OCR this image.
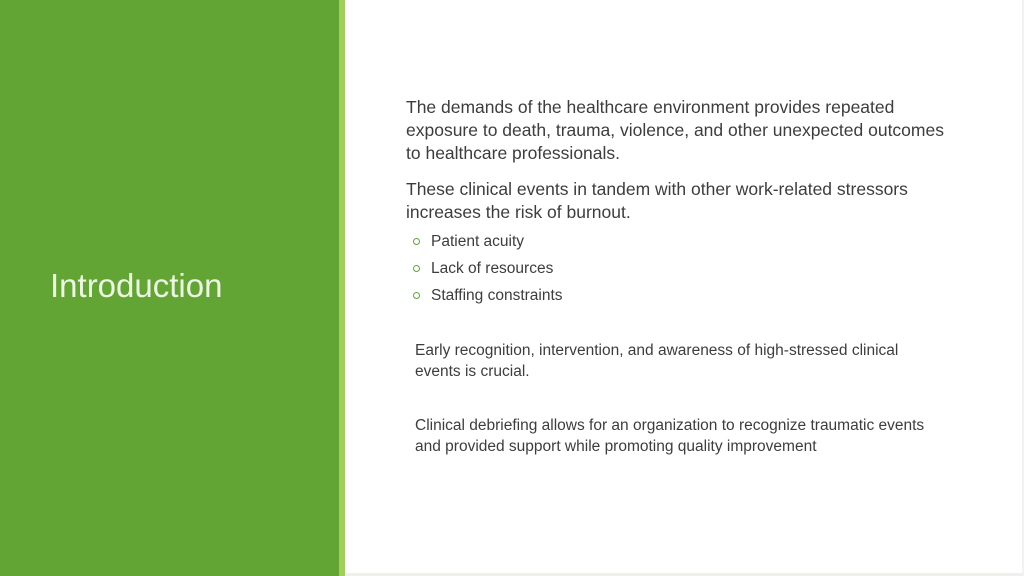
Introduction

The demands of the healthcare environment provides repeated exposure to death, trauma, violence, and other unexpected outcomes to healthcare professionals.

These clinical events in tandem with other work-related stressors increases the risk of burnout.

Patient acuity
Lack of resources
Staffing constraints

Early recognition, intervention, and awareness of high-stressed clinical events is crucial.

Clinical debriefing allows for an organization to recognize traumatic events and provided support while promoting quality improvement
